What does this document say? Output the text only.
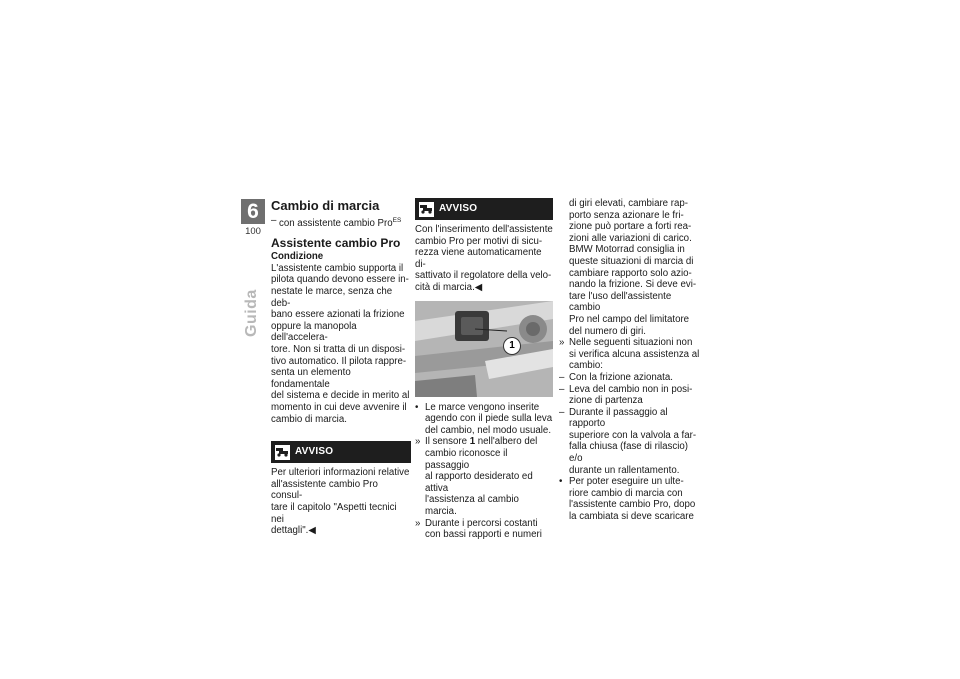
6
100
Guida
Cambio di marcia
– con assistente cambio Pro$^{ES}$
Assistente cambio Pro
Condizione

L'assistente cambio supporta il
pilota quando devono essere in-
nestate le marce, senza che deb-
bano essere azionati la frizione
oppure la manopola dell'accelera-
tore. Non si tratta di un disposi-
tivo automatico. Il pilota rappre-
senta un elemento fondamentale
del sistema e decide in merito al
momento in cui deve avvenire il
cambio di marcia.

AVVISO

Per ulteriori informazioni relative
all'assistente cambio Pro consul-
tare il capitolo "Aspetti tecnici nei
dettagli".◀

AVVISO

Con l'inserimento dell'assistente
cambio Pro per motivi di sicu-
rezza viene automaticamente di-
sattivato il regolatore della velo-
cità di marcia.◀

1
• Le marce vengono inserite
agendo con il piede sulla leva
del cambio, nel modo usuale.
» Il sensore 1 nell'albero del
cambio riconosce il passaggio
al rapporto desiderato ed attiva
l'assistenza al cambio marcia.
» Durante i percorsi costanti
con bassi rapporti e numeri
di giri elevati, cambiare rap-
porto senza azionare le fri-
zione può portare a forti rea-
zioni alle variazioni di carico.
BMW Motorrad consiglia in
queste situazioni di marcia di
cambiare rapporto solo azio-
nando la frizione. Si deve evi-
tare l'uso dell'assistente cambio
Pro nel campo del limitatore
del numero di giri.
» Nelle seguenti situazioni non
si verifica alcuna assistenza al
cambio:
– Con la frizione azionata.
– Leva del cambio non in posi-
zione di partenza
– Durante il passaggio al rapporto
superiore con la valvola a far-
falla chiusa (fase di rilascio) e/o
durante un rallentamento.
• Per poter eseguire un ulte-
riore cambio di marcia con
l'assistente cambio Pro, dopo
la cambiata si deve scaricare
